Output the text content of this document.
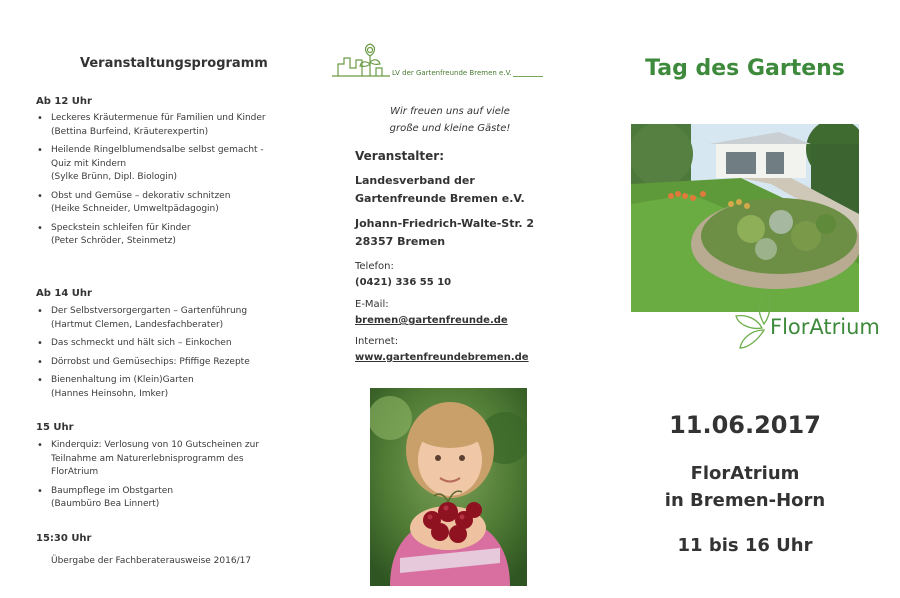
Veranstaltungsprogramm
Ab 12 Uhr
• Leckeres Kräutermenue für Familien und Kinder
(Bettina Burfeind, Kräuterexpertin)
• Heilende Ringelblumendsalbe selbst gemacht - Quiz mit Kindern
(Sylke Brünn, Dipl. Biologin)
• Obst und Gemüse – dekorativ schnitzen
(Heike Schneider, Umweltpädagogin)
• Speckstein schleifen für Kinder
(Peter Schröder, Steinmetz)
Ab 14 Uhr
• Der Selbstversorgergarten – Gartenführung
(Hartmut Clemen, Landesfachberater)
• Das schmeckt und hält sich – Einkochen
• Dörrobst und Gemüsechips: Pfiffige Rezepte
• Bienenhaltung im (Klein)Garten
(Hannes Heinsohn, Imker)
15 Uhr
• Kinderquiz: Verlosung von 10 Gutscheinen zur Teilnahme am Naturerlebnisprogramm des FlorAtrium
• Baumpflege im Obstgarten
(Baumbüro Bea Linnert)
15:30 Uhr
Übergabe der Fachberaterausweise 2016/17
LV der Gartenfreunde Bremen e.V.
Wir freuen uns auf viele
große und kleine Gäste!
Veranstalter:
Landesverband der
Gartenfreunde Bremen e.V.
Johann-Friedrich-Walte-Str. 2
28357 Bremen
Telefon:
(0421) 336 55 10
E-Mail:
bremen@gartenfreunde.de
Internet:
www.gartenfreundebremen.de
Tag des Gartens
FlorAtrium
11.06.2017
FlorAtrium
in Bremen-Horn
11 bis 16 Uhr
